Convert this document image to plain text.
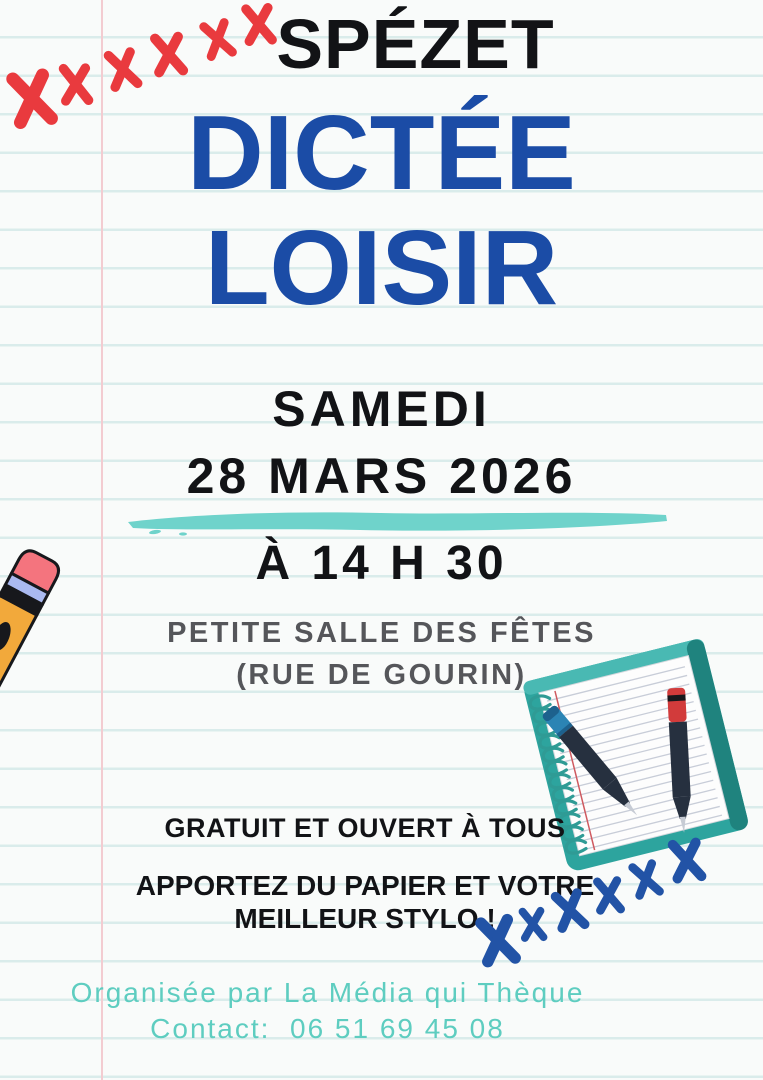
SPÉZET
DICTÉE
LOISIR
SAMEDI
28 MARS 2026
À 14 H 30
PETITE SALLE DES FÊTES
(RUE DE GOURIN)
GRATUIT ET OUVERT À TOUS
APPORTEZ DU PAPIER ET VOTRE
MEILLEUR STYLO !
Organisée par La Média qui Thèque
Contact:  06 51 69 45 08
